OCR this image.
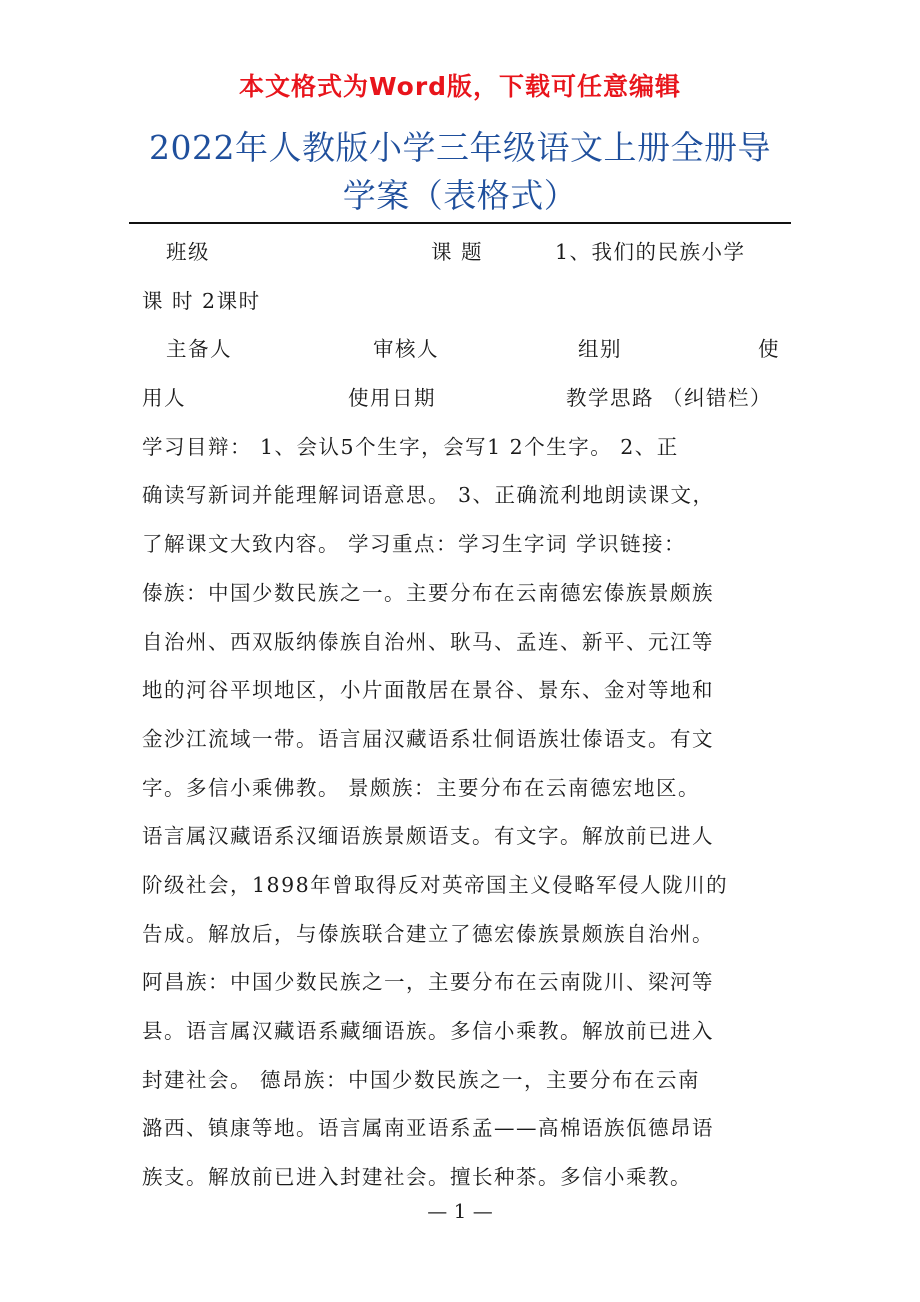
本文格式为Word版，下载可任意编辑
2022年人教版小学三年级语文上册全册导
学案（表格式）
班级	课 题	1、我们的民族小学
课 时 2课时
主备人	审核人	组别	使
用人	使用日期	教学思路 （纠错栏）
学习目辩： 1、会认5个生字，会写1 2个生字。 2、正
确读写新词并能理解词语意思。 3、正确流利地朗读课文，
了解课文大致内容。 学习重点：学习生字词 学识链接：
傣族：中国少数民族之一。主要分布在云南德宏傣族景颇族
自治州、西双版纳傣族自治州、耿马、孟连、新平、元江等
地的河谷平坝地区，小片面散居在景谷、景东、金对等地和
金沙江流域一带。语言届汉藏语系壮侗语族壮傣语支。有文
字。多信小乘佛教。 景颇族：主要分布在云南德宏地区。
语言属汉藏语系汉缅语族景颇语支。有文字。解放前已进人
阶级社会，1898年曾取得反对英帝国主义侵略军侵人陇川的
告成。解放后，与傣族联合建立了德宏傣族景颇族自治州。
阿昌族：中国少数民族之一，主要分布在云南陇川、梁河等
县。语言属汉藏语系藏缅语族。多信小乘教。解放前已进入
封建社会。 德昂族：中国少数民族之一，主要分布在云南
潞西、镇康等地。语言属南亚语系孟——高棉语族佤德昂语
族支。解放前已进入封建社会。擅长种茶。多信小乘教。
— 1 —
